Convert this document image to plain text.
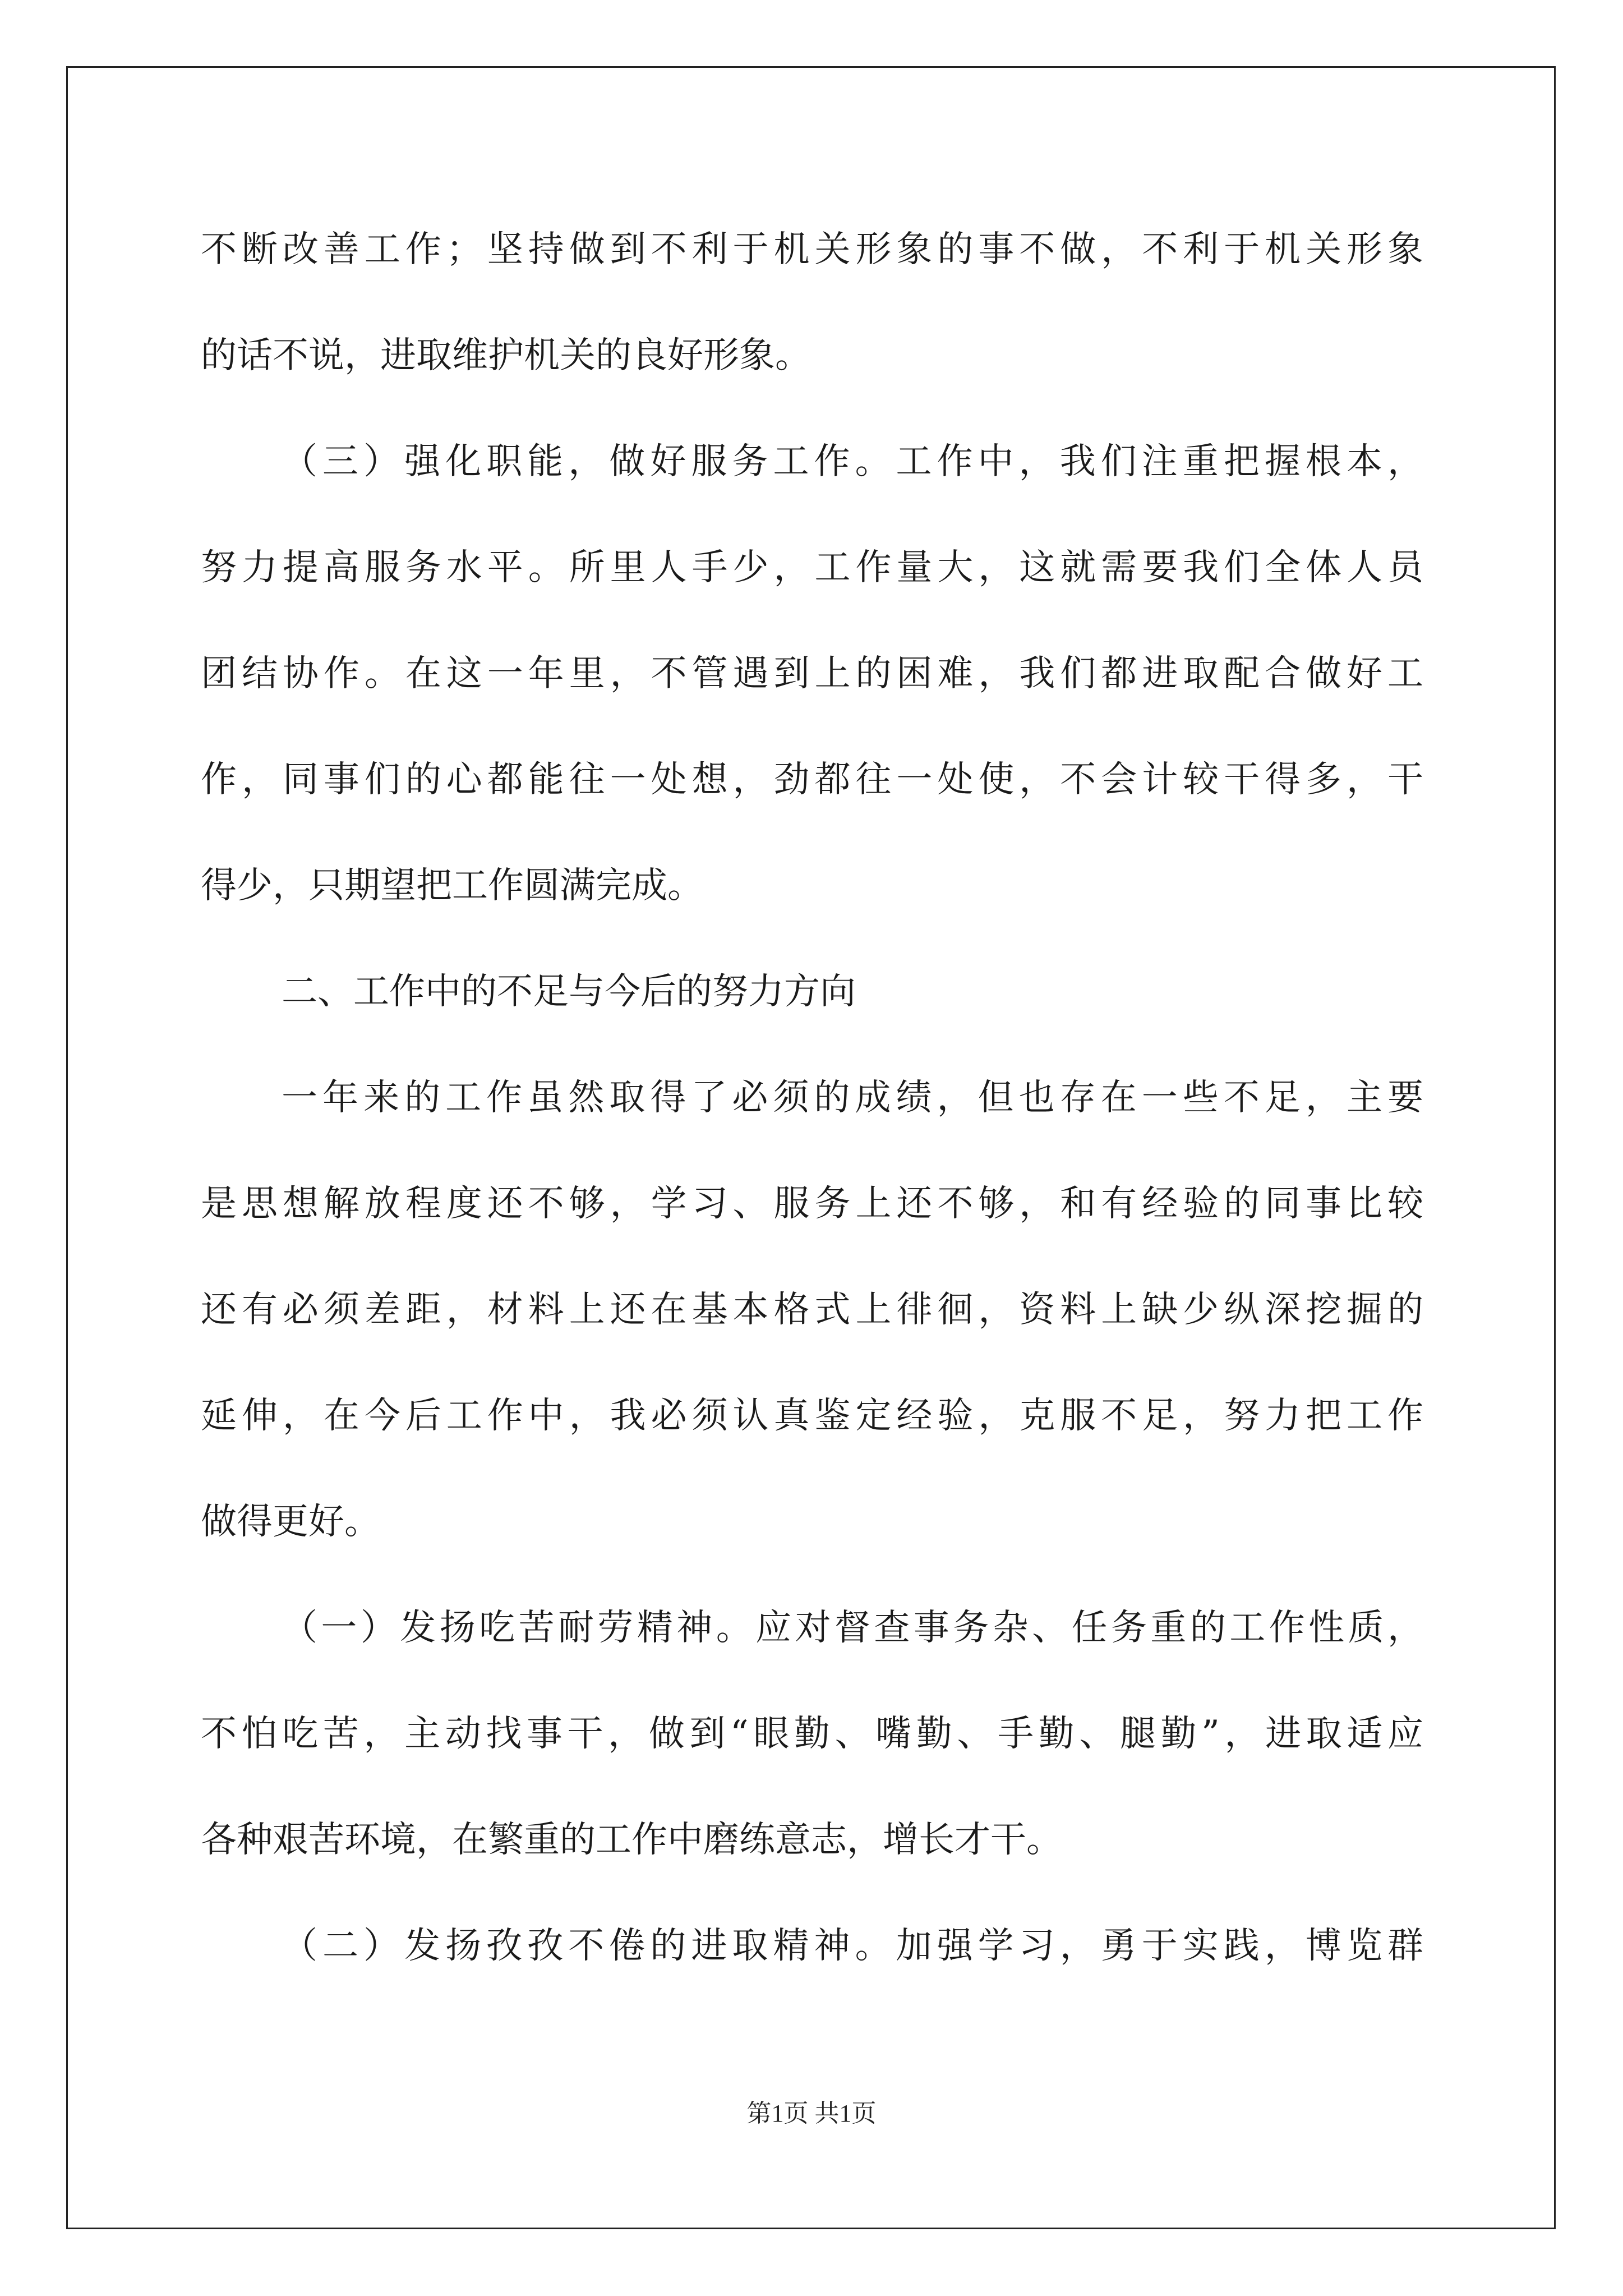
不断改善工作；坚持做到不利于机关形象的事不做，不利于机关形象
的话不说，进取维护机关的良好形象。
（三）强化职能，做好服务工作。工作中，我们注重把握根本，
努力提高服务水平。所里人手少，工作量大，这就需要我们全体人员
团结协作。在这一年里，不管遇到上的困难，我们都进取配合做好工
作，同事们的心都能往一处想，劲都往一处使，不会计较干得多，干
得少，只期望把工作圆满完成。
二、工作中的不足与今后的努力方向
一年来的工作虽然取得了必须的成绩，但也存在一些不足，主要
是思想解放程度还不够，学习、服务上还不够，和有经验的同事比较
还有必须差距，材料上还在基本格式上徘徊，资料上缺少纵深挖掘的
延伸，在今后工作中，我必须认真鉴定经验，克服不足，努力把工作
做得更好。
（一）发扬吃苦耐劳精神。应对督查事务杂、任务重的工作性质，
不怕吃苦，主动找事干，做到“眼勤、嘴勤、手勤、腿勤”，进取适应
各种艰苦环境，在繁重的工作中磨练意志，增长才干。
（二）发扬孜孜不倦的进取精神。加强学习，勇于实践，博览群
第1页 共1页
